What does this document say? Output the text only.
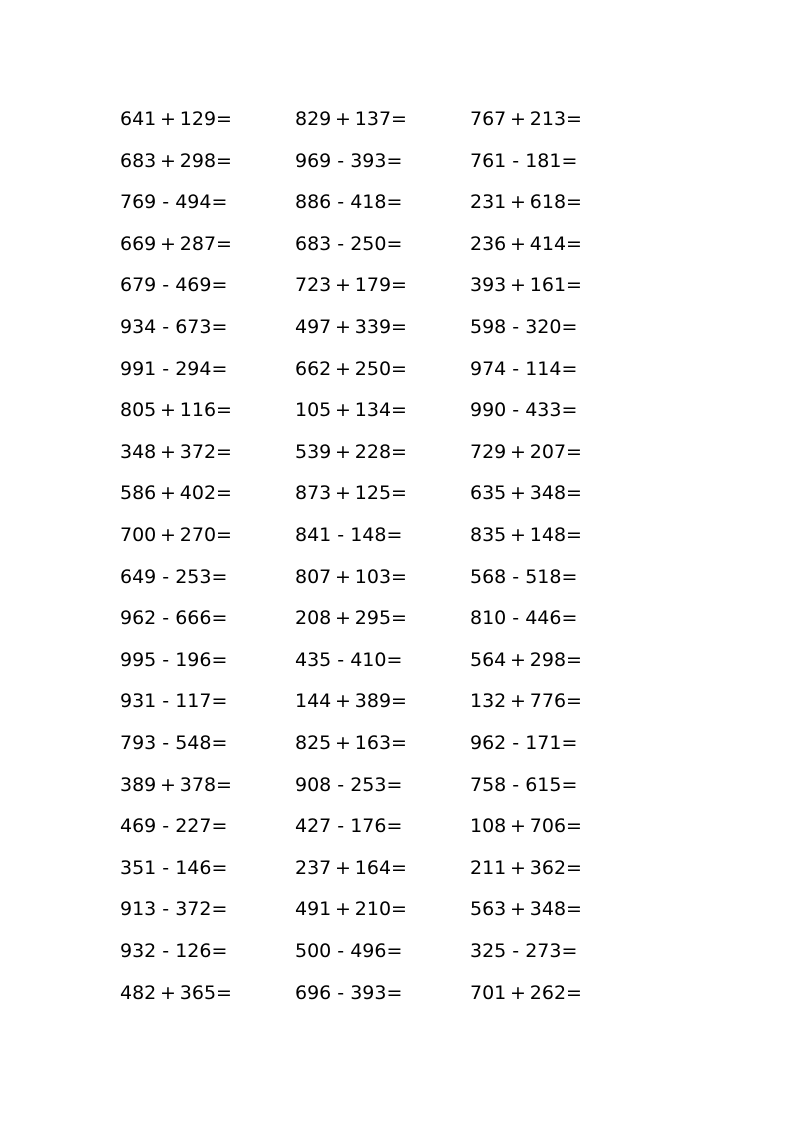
641 + 129=	829 + 137=	767 + 213=
683 + 298=	969 - 393=	761 - 181=
769 - 494=	886 - 418=	231 + 618=
669 + 287=	683 - 250=	236 + 414=
679 - 469=	723 + 179=	393 + 161=
934 - 673=	497 + 339=	598 - 320=
991 - 294=	662 + 250=	974 - 114=
805 + 116=	105 + 134=	990 - 433=
348 + 372=	539 + 228=	729 + 207=
586 + 402=	873 + 125=	635 + 348=
700 + 270=	841 - 148=	835 + 148=
649 - 253=	807 + 103=	568 - 518=
962 - 666=	208 + 295=	810 - 446=
995 - 196=	435 - 410=	564 + 298=
931 - 117=	144 + 389=	132 + 776=
793 - 548=	825 + 163=	962 - 171=
389 + 378=	908 - 253=	758 - 615=
469 - 227=	427 - 176=	108 + 706=
351 - 146=	237 + 164=	211 + 362=
913 - 372=	491 + 210=	563 + 348=
932 - 126=	500 - 496=	325 - 273=
482 + 365=	696 - 393=	701 + 262=
